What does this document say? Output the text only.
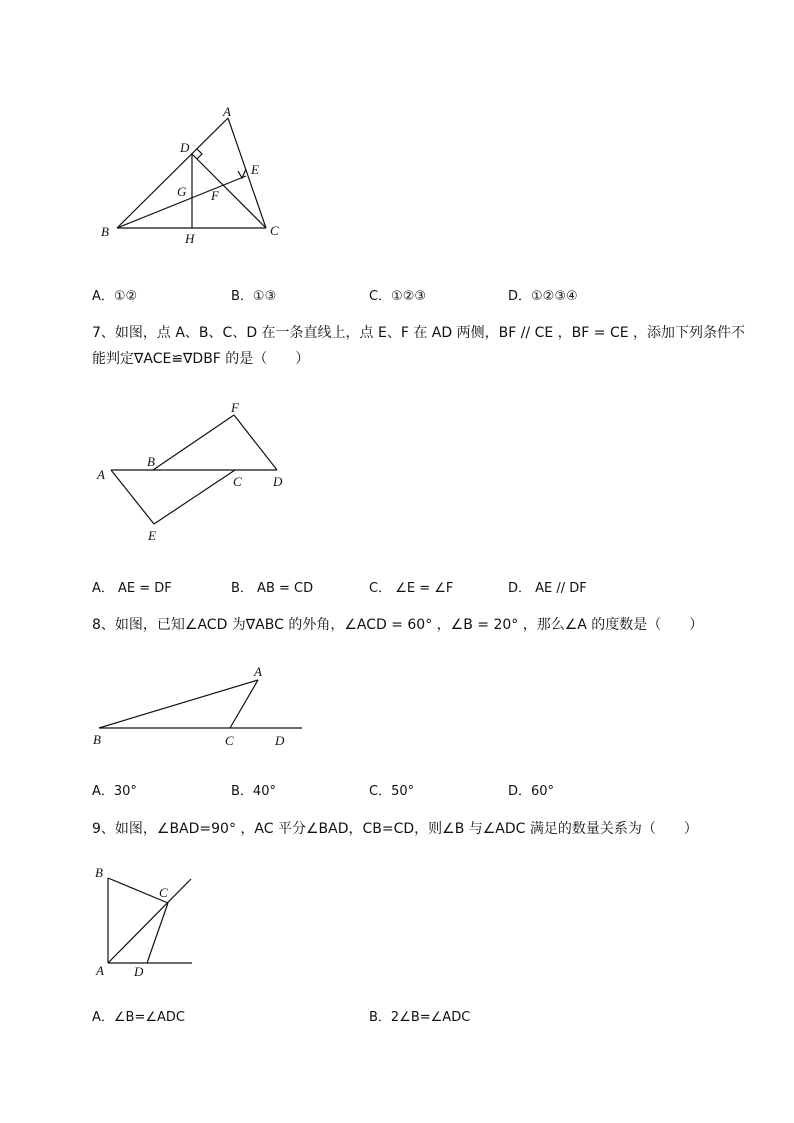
A
D
E
G F
B	H
C
A．①②	B．①③	C．①②③	D．①②③④
7、如图，点 A、B、C、D 在一条直线上，点 E、F 在 AD 两侧，BF // CE ，BF = CE ，添加下列条件不
能判定∇ACE≌∇DBF 的是（　　）
F
B
A	C D
E
A． AE = DF	B． AB = CD	C． ∠E = ∠F	D． AE // DF
8、如图，已知∠ACD 为∇ABC 的外角，∠ACD = 60° ，∠B = 20° ，那么∠A 的度数是（　　）
A
B	C	D
A．30°	B．40°	C．50°	D．60°
9、如图，∠BAD=90° ，AC 平分∠BAD，CB=CD，则∠B 与∠ADC 满足的数量关系为（　　）
B
C
A D
A．∠B=∠ADC	B．2∠B=∠ADC
